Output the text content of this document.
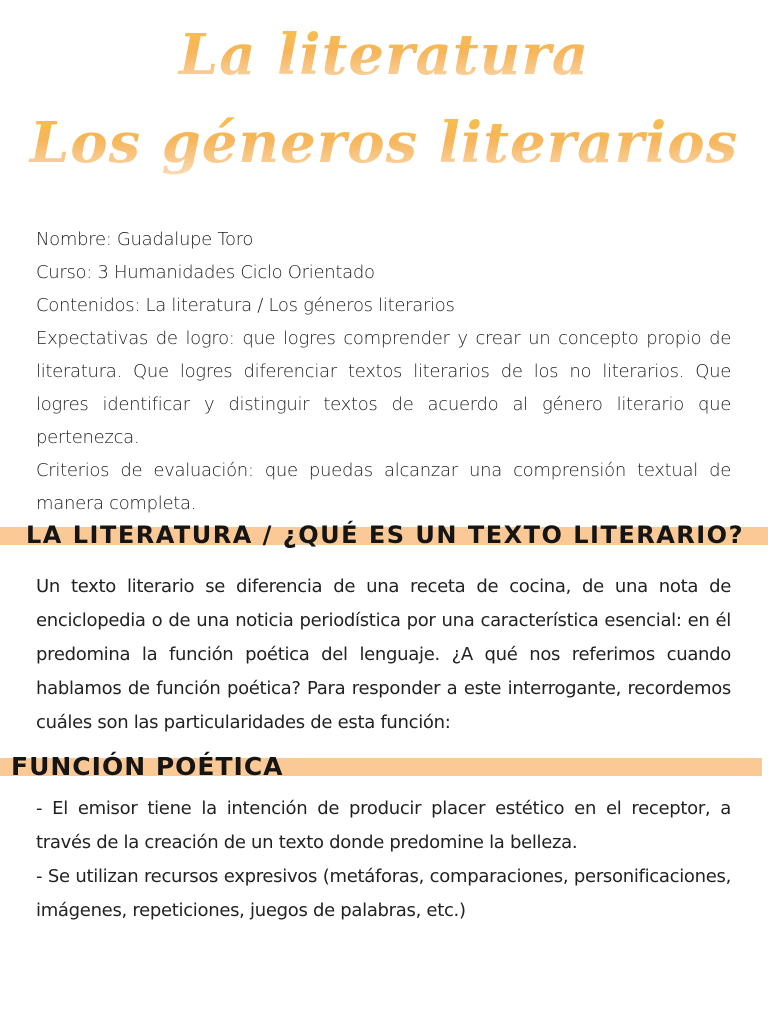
La literatura
Los géneros literarios

Nombre: Guadalupe Toro

Curso: 3 Humanidades Ciclo Orientado

Contenidos: La literatura / Los géneros literarios

Expectativas de logro: que logres comprender y crear un concepto propio de literatura. Que logres diferenciar textos literarios de los no literarios. Que logres identificar y distinguir textos de acuerdo al género literario que pertenezca.

Criterios de evaluación: que puedas alcanzar una comprensión textual de manera completa.

LA LITERATURA / ¿QUÉ ES UN TEXTO LITERARIO?

Un texto literario se diferencia de una receta de cocina, de una nota de enciclopedia o de una noticia periodística por una característica esencial: en él predomina la función poética del lenguaje. ¿A qué nos referimos cuando hablamos de función poética? Para responder a este interrogante, recordemos cuáles son las particularidades de esta función:

FUNCIÓN POÉTICA

- El emisor tiene la intención de producir placer estético en el receptor, a través de la creación de un texto donde predomine la belleza.

- Se utilizan recursos expresivos (metáforas, comparaciones, personificaciones, imágenes, repeticiones, juegos de palabras, etc.)
